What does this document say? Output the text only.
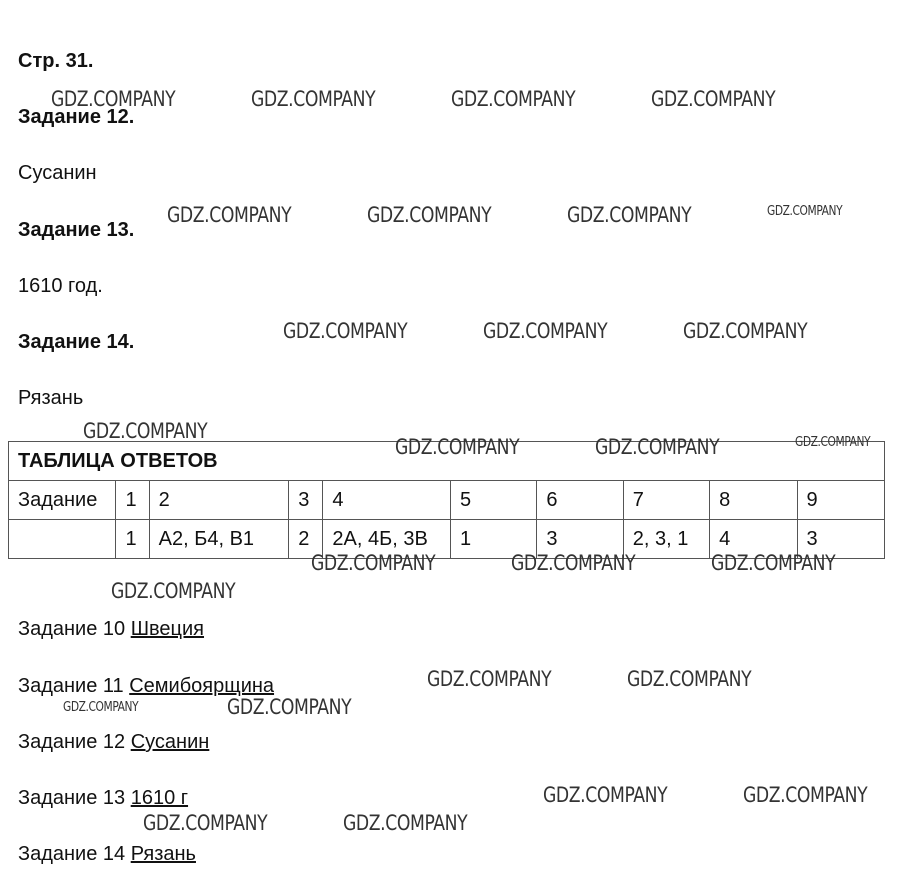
Стр. 31.
Задание 12.
Сусанин
Задание 13.
1610 год.
Задание 14.
Рязань
ТАБЛИЦА ОТВЕТОВ									
Задание	1	2	3	4	5	6	7	8	9
	1	А2, Б4, В1	2	2А, 4Б, 3В	1	3	2, 3, 1	4	3
Задание 10 Швеция
Задание 11 Семибоярщина
Задание 12 Сусанин
Задание 13 1610 г
Задание 14 Рязань
GDZ.COMPANY	GDZ.COMPANY	GDZ.COMPANY	GDZ.COMPANY
GDZ.COMPANY	GDZ.COMPANY	GDZ.COMPANY	GDZ.COMPANY
GDZ.COMPANY	GDZ.COMPANY	GDZ.COMPANY
GDZ.COMPANY
GDZ.COMPANY	GDZ.COMPANY	GDZ.COMPANY
GDZ.COMPANY	GDZ.COMPANY	GDZ.COMPANY
GDZ.COMPANY
GDZ.COMPANY	GDZ.COMPANY
GDZ.COMPANY	GDZ.COMPANY
GDZ.COMPANY	GDZ.COMPANY
GDZ.COMPANY	GDZ.COMPANY
